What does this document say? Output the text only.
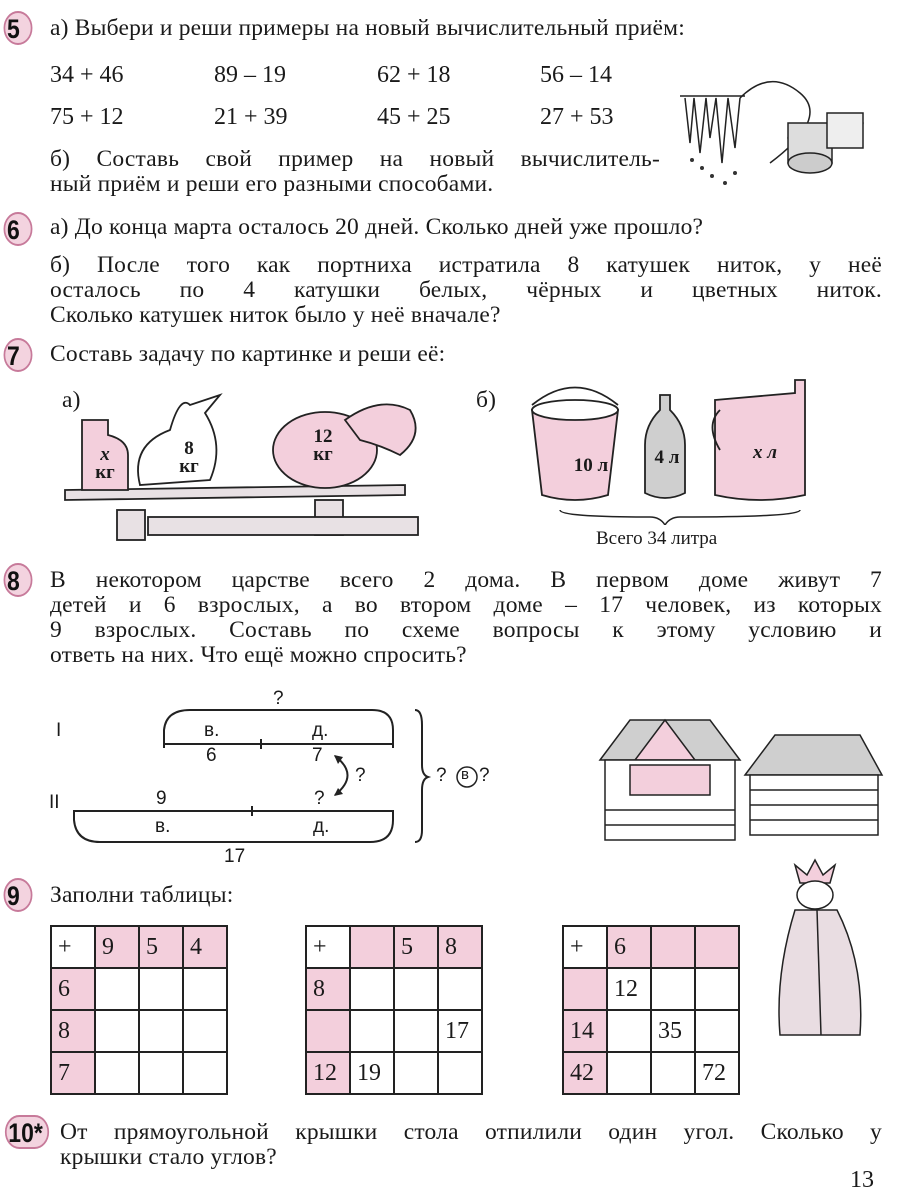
5	а) Выбери и реши примеры на новый вычислительный приём:
34 + 46	89 – 19	62 + 18	56 – 14
75 + 12	21 + 39	45 + 25	27 + 53
б) Составь свой пример на новый вычислитель-
ный приём и реши его разными способами.
6	а) До конца марта осталось 20 дней. Сколько дней уже прошло?
б) После того как портниха истратила 8 катушек ниток, у неё
осталось по 4 катушки белых, чёрных и цветных ниток.
Сколько катушек ниток было у неё вначале?
7	Составь задачу по картинке и реши её:
а)	б)
x
кг
8
кг
12
кг
10 л	4 л	x л
Всего 34 литра
8	В некотором царстве всего 2 дома. В первом доме живут 7
детей и 6 взрослых, а во втором доме – 17 человек, из которых
9 взрослых. Составь по схеме вопросы к этому условию и
ответь на них. Что ещё можно спросить?
I
II
?
в.	д.
6	7
?
9	?
в.	д.
17
? в ?
9	Заполни таблицы:
+	9	5	4
6			
8			
7			
+		5	8
8			
			17
12	19		
+	6		
	12		
14		35	
42			72
10* От прямоугольной крышки стола отпилили один угол. Сколько у
крышки стало углов?
13
